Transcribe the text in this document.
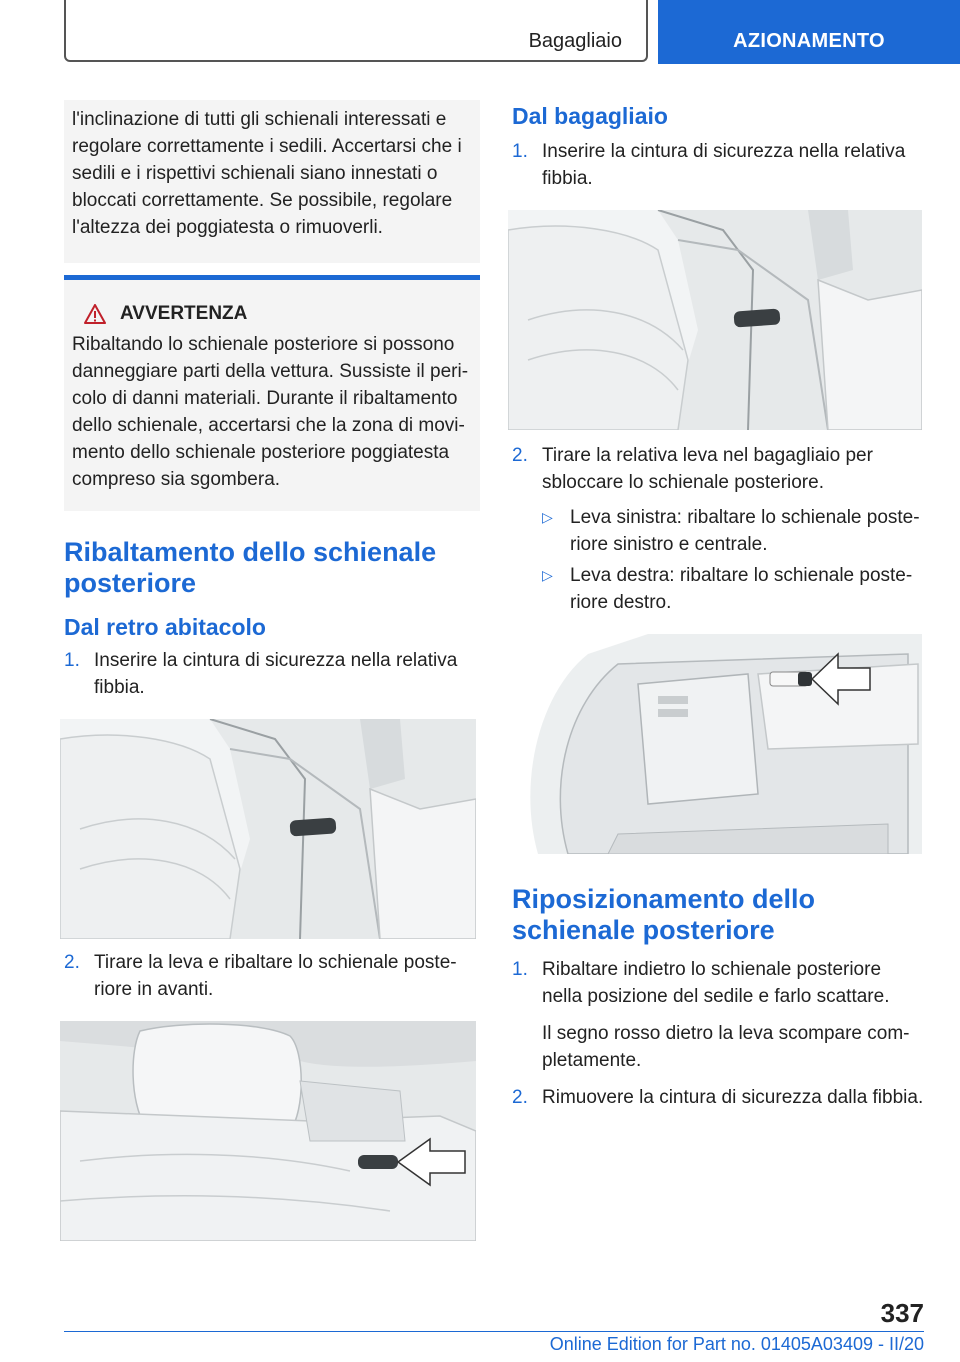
Bagagliaio	AZIONAMENTO
l'inclinazione di tutti gli schienali interessati e regolare correttamente i sedili. Accertarsi che i sedili e i rispettivi schienali siano innestati o bloccati correttamente. Se possibile, regolare l'altezza dei poggiatesta o rimuoverli.
AVVERTENZA
Ribaltando lo schienale posteriore si possono danneggiare parti della vettura. Sussiste il pericolo di danni materiali. Durante il ribaltamento dello schienale, accertarsi che la zona di movimento dello schienale posteriore poggiatesta compreso sia sgombera.
Ribaltamento dello schienale posteriore
Dal retro abitacolo
1. Inserire la cintura di sicurezza nella relativa fibbia.
2. Tirare la leva e ribaltare lo schienale posteriore in avanti.
Dal bagagliaio
1. Inserire la cintura di sicurezza nella relativa fibbia.
2. Tirare la relativa leva nel bagagliaio per sbloccare lo schienale posteriore.
▷ Leva sinistra: ribaltare lo schienale posteriore sinistro e centrale.
▷ Leva destra: ribaltare lo schienale posteriore destro.
Riposizionamento dello schienale posteriore
1. Ribaltare indietro lo schienale posteriore nella posizione del sedile e farlo scattare.
Il segno rosso dietro la leva scompare completamente.
2. Rimuovere la cintura di sicurezza dalla fibbia.
337
Online Edition for Part no. 01405A03409 - II/20
